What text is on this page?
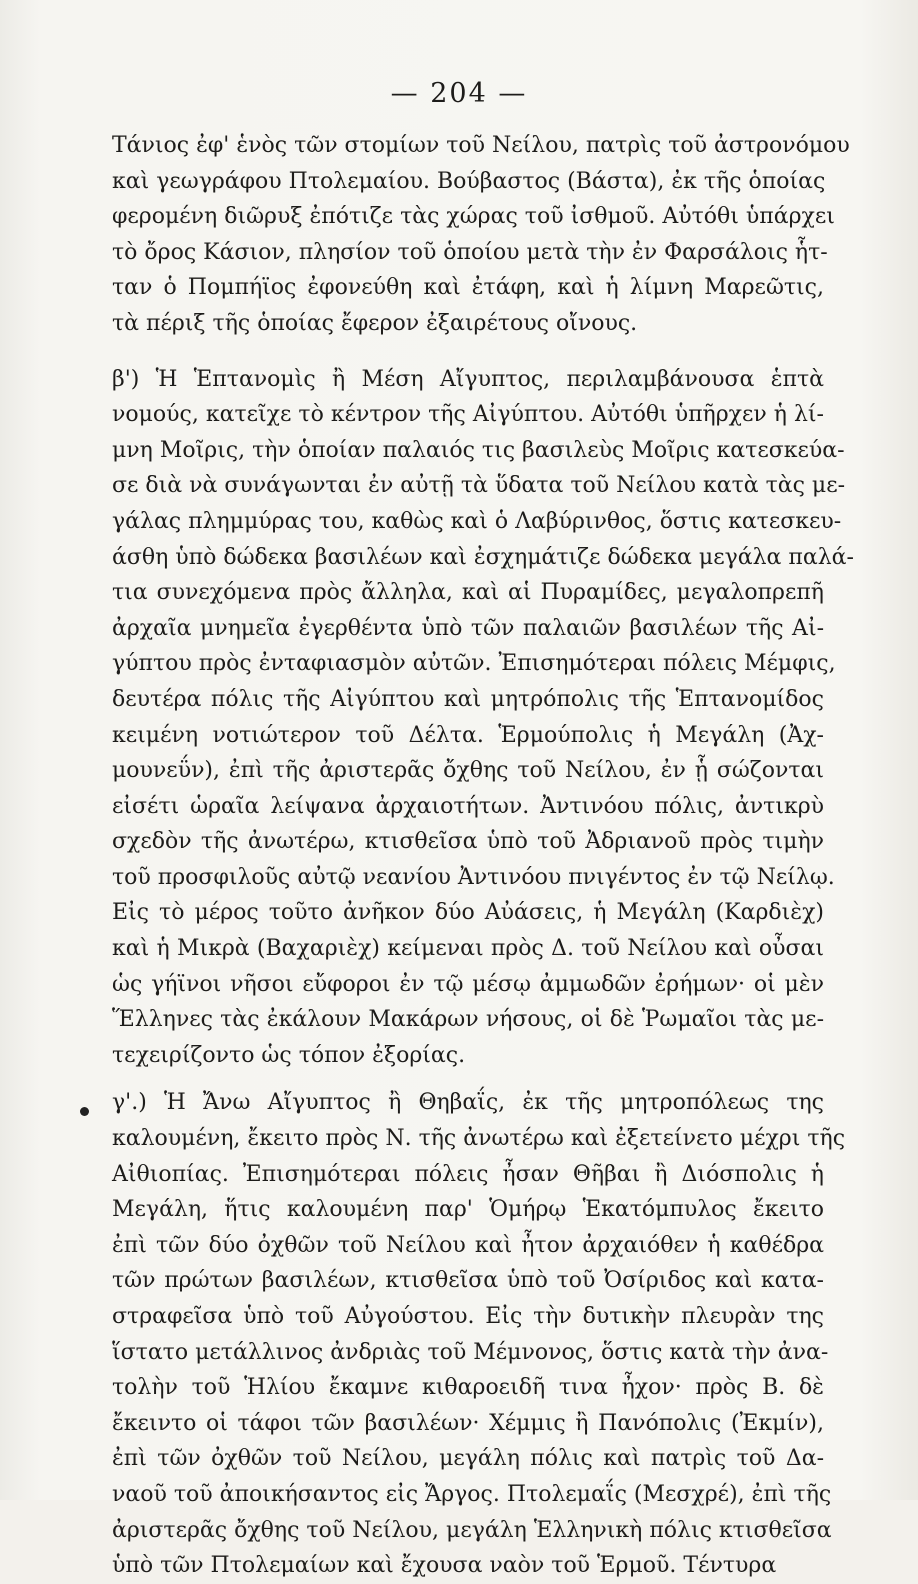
— 204 —
Τάνιος ἐφ' ἑνὸς τῶν στομίων τοῦ Νείλου, πατρὶς τοῦ ἀστρονόμου
καὶ γεωγράφου Πτολεμαίου. Βούβαστος (Βάστα), ἐκ τῆς ὁποίας
φερομένη διῶρυξ ἐπότιζε τὰς χώρας τοῦ ἰσθμοῦ. Αὐτόθι ὑπάρχει
τὸ ὄρος Κάσιον, πλησίον τοῦ ὁποίου μετὰ τὴν ἐν Φαρσάλοις ἧτ-
ταν ὁ Πομπήϊος ἐφονεύθη καὶ ἐτάφη, καὶ ἡ λίμνη Μαρεῶτις,
τὰ πέριξ τῆς ὁποίας ἔφερον ἐξαιρέτους οἴνους.
β') Ἡ Ἑπτανομὶς ἢ Μέση Αἴγυπτος, περιλαμβάνουσα ἑπτὰ
νομούς, κατεῖχε τὸ κέντρον τῆς Αἰγύπτου. Αὐτόθι ὑπῆρχεν ἡ λί-
μνη Μοῖρις, τὴν ὁποίαν παλαιός τις βασιλεὺς Μοῖρις κατεσκεύα-
σε διὰ νὰ συνάγωνται ἐν αὐτῇ τὰ ὕδατα τοῦ Νείλου κατὰ τὰς με-
γάλας πλημμύρας του, καθὼς καὶ ὁ Λαβύρινθος, ὅστις κατεσκευ-
άσθη ὑπὸ δώδεκα βασιλέων καὶ ἐσχημάτιζε δώδεκα μεγάλα παλά-
τια συνεχόμενα πρὸς ἄλληλα, καὶ αἱ Πυραμίδες, μεγαλοπρεπῆ
ἀρχαῖα μνημεῖα ἐγερθέντα ὑπὸ τῶν παλαιῶν βασιλέων τῆς Αἰ-
γύπτου πρὸς ἐνταφιασμὸν αὐτῶν. Ἐπισημότεραι πόλεις Μέμφις,
δευτέρα πόλις τῆς Αἰγύπτου καὶ μητρόπολις τῆς Ἑπτανομίδος
κειμένη νοτιώτερον τοῦ Δέλτα. Ἑρμούπολις ἡ Μεγάλη (Ἀχ-
μουνεΰν), ἐπὶ τῆς ἀριστερᾶς ὄχθης τοῦ Νείλου, ἐν ᾗ σώζονται
εἰσέτι ὡραῖα λείψανα ἀρχαιοτήτων. Ἀντινόου πόλις, ἀντικρὺ
σχεδὸν τῆς ἀνωτέρω, κτισθεῖσα ὑπὸ τοῦ Ἀδριανοῦ πρὸς τιμὴν
τοῦ προσφιλοῦς αὐτῷ νεανίου Ἀντινόου πνιγέντος ἐν τῷ Νείλῳ.
Εἰς τὸ μέρος τοῦτο ἀνῆκον δύο Αὐάσεις, ἡ Μεγάλη (Καρδιὲχ)
καὶ ἡ Μικρὰ (Βαχαριὲχ) κείμεναι πρὸς Δ. τοῦ Νείλου καὶ οὖσαι
ὡς γήϊνοι νῆσοι εὔφοροι ἐν τῷ μέσῳ ἀμμωδῶν ἐρήμων· οἱ μὲν
Ἕλληνες τὰς ἐκάλουν Μακάρων νήσους, οἱ δὲ Ῥωμαῖοι τὰς με-
τεχειρίζοντο ὡς τόπον ἐξορίας.
γ'.) Ἡ Ἄνω Αἴγυπτος ἢ Θηβαΐς, ἐκ τῆς μητροπόλεως της
καλουμένη, ἔκειτο πρὸς Ν. τῆς ἀνωτέρω καὶ ἐξετείνετο μέχρι τῆς
Αἰθιοπίας. Ἐπισημότεραι πόλεις ἦσαν Θῆβαι ἢ Διόσπολις ἡ
Μεγάλη, ἥτις καλουμένη παρ' Ὁμήρῳ Ἑκατόμπυλος ἔκειτο
ἐπὶ τῶν δύο ὀχθῶν τοῦ Νείλου καὶ ἦτον ἀρχαιόθεν ἡ καθέδρα
τῶν πρώτων βασιλέων, κτισθεῖσα ὑπὸ τοῦ Ὀσίριδος καὶ κατα-
στραφεῖσα ὑπὸ τοῦ Αὐγούστου. Εἰς τὴν δυτικὴν πλευρὰν της
ἵστατο μετάλλινος ἀνδριὰς τοῦ Μέμνονος, ὅστις κατὰ τὴν ἀνα-
τολὴν τοῦ Ἡλίου ἔκαμνε κιθαροειδῆ τινα ἦχον· πρὸς Β. δὲ
ἔκειντο οἱ τάφοι τῶν βασιλέων· Χέμμις ἢ Πανόπολις (Ἐκμίν),
ἐπὶ τῶν ὀχθῶν τοῦ Νείλου, μεγάλη πόλις καὶ πατρὶς τοῦ Δα-
ναοῦ τοῦ ἀποικήσαντος εἰς Ἄργος. Πτολεμαΐς (Μεσχρέ), ἐπὶ τῆς
ἀριστερᾶς ὄχθης τοῦ Νείλου, μεγάλη Ἑλληνικὴ πόλις κτισθεῖσα
ὑπὸ τῶν Πτολεμαίων καὶ ἔχουσα ναὸν τοῦ Ἑρμοῦ. Τέντυρα
